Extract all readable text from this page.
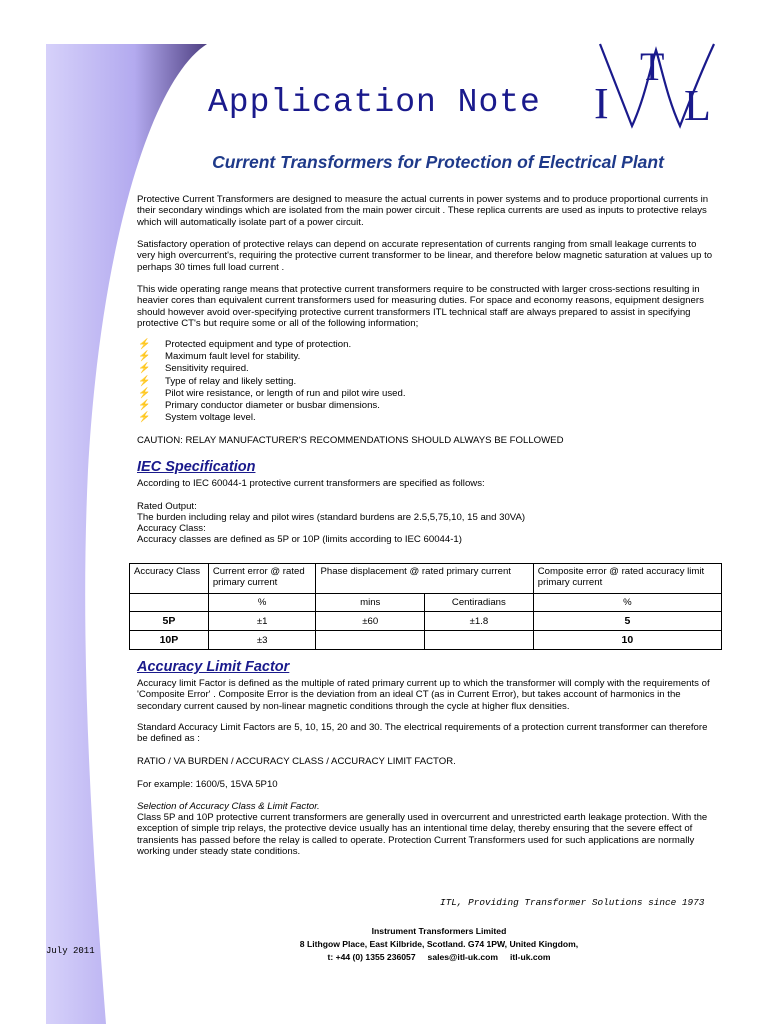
Application Note I
T
L
Current Transformers for Protection of Electrical Plant

Protective Current Transformers are designed to measure the actual currents in power systems and to produce proportional currents in their secondary windings which are isolated from the main power circuit . These replica currents are used as inputs to protective relays which will automatically isolate part of a power circuit.

Satisfactory operation of protective relays can depend on accurate representation of currents ranging from small leakage currents to very high overcurrent's, requiring the protective current transformer to be linear, and therefore below magnetic saturation at values up to perhaps 30 times full load current .

This wide operating range means that protective current transformers require to be constructed with larger cross-sections resulting in heavier cores than equivalent current transformers used for measuring duties. For space and economy reasons, equipment designers should however avoid over-specifying protective current transformers ITL technical staff are always prepared to assist in specifying protective CT's but require some or all of the following information;

⚡ Protected equipment and type of protection.
⚡ Maximum fault level for stability.
⚡ Sensitivity required.
⚡ Type of relay and likely setting.
⚡ Pilot wire resistance, or length of run and pilot wire used.
⚡ Primary conductor diameter or busbar dimensions.
⚡ System voltage level.

CAUTION: RELAY MANUFACTURER'S RECOMMENDATIONS SHOULD ALWAYS BE FOLLOWED

IEC Specification

According to IEC 60044-1 protective current transformers are specified as follows:

Rated Output:

The burden including relay and pilot wires (standard burdens are 2.5,5,75,10, 15 and 30VA)

Accuracy Class:

Accuracy classes are defined as 5P or 10P (limits according to IEC 60044-1)

Accuracy Class	Current error @ rated primary current	Phase displacement @ rated primary current		Composite error @ rated accuracy limit primary current
	%	mins	Centiradians	%
5P	±1	±60	±1.8	5
10P	±3			10

Accuracy Limit Factor

Accuracy limit Factor is defined as the multiple of rated primary current up to which the transformer will comply with the requirements of 'Composite Error' . Composite Error is the deviation from an ideal CT (as in Current Error), but takes account of harmonics in the secondary current caused by non-linear magnetic conditions through the cycle at higher flux densities.

Standard Accuracy Limit Factors are 5, 10, 15, 20 and 30. The electrical requirements of a protection current transformer can therefore be defined as :

RATIO / VA BURDEN / ACCURACY CLASS / ACCURACY LIMIT FACTOR.

For example: 1600/5, 15VA 5P10

Selection of Accuracy Class & Limit Factor.

Class 5P and 10P protective current transformers are generally used in overcurrent and unrestricted earth leakage protection. With the exception of simple trip relays, the protective device usually has an intentional time delay, thereby ensuring that the severe effect of transients has passed before the relay is called to operate. Protection Current Transformers used for such applications are normally working under steady state conditions.

ITL, Providing Transformer Solutions since 1973
Instrument Transformers Limited
8 Lithgow Place, East Kilbride, Scotland. G74 1PW, United Kingdom,
t: +44 (0) 1355 236057     sales@itl-uk.com     itl-uk.com
July 2011
